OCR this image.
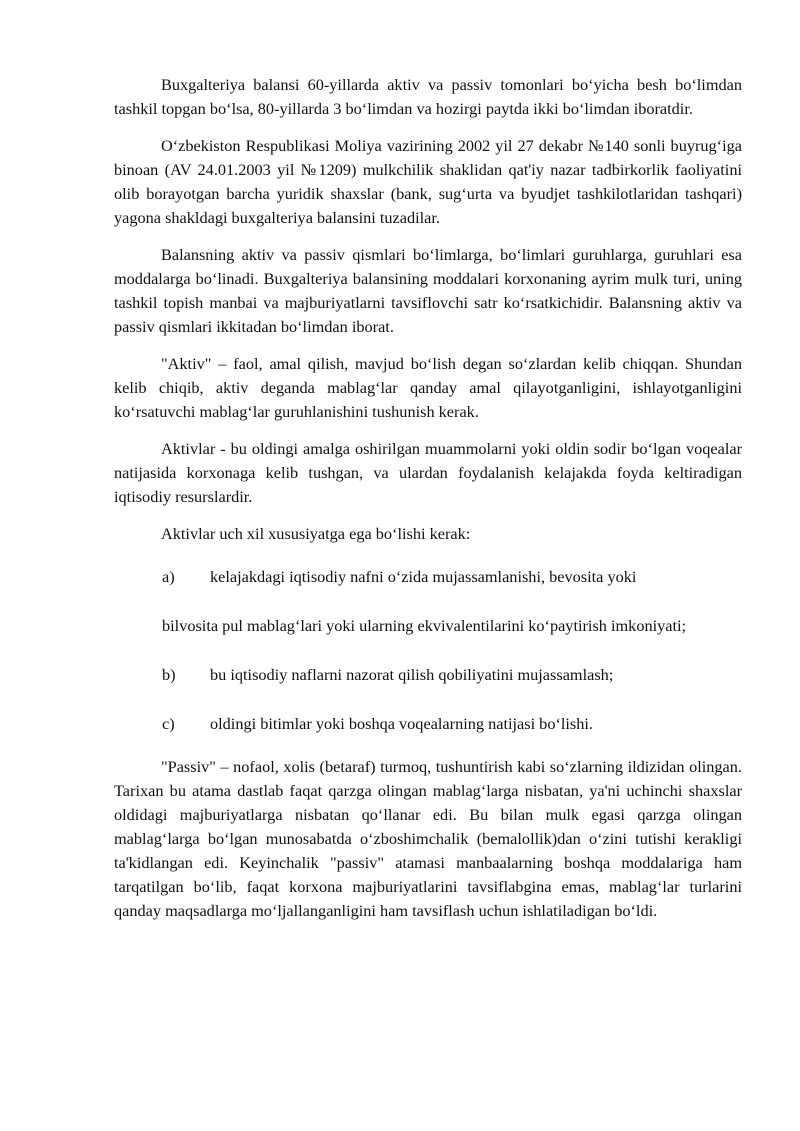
Buxgalteriya balansi 60-yillarda aktiv va passiv tomonlari bo‘yicha besh bo‘limdan tashkil topgan bo‘lsa, 80-yillarda 3 bo‘limdan va hozirgi paytda ikki bo‘limdan iboratdir.

O‘zbekiston Respublikasi Moliya vazirining 2002 yil 27 dekabr №140 sonli buyrug‘iga binoan (AV 24.01.2003 yil №1209) mulkchilik shaklidan qat'iy nazar tadbirkorlik faoliyatini olib borayotgan barcha yuridik shaxslar (bank, sug‘urta va byudjet tashkilotlaridan tashqari) yagona shakldagi buxgalteriya balansini tuzadilar.

Balansning aktiv va passiv qismlari bo‘limlarga, bo‘limlari guruhlarga, guruhlari esa moddalarga bo‘linadi. Buxgalteriya balansining moddalari korxonaning ayrim mulk turi, uning tashkil topish manbai va majburiyatlarni tavsiflovchi satr ko‘rsatkichidir. Balansning aktiv va passiv qismlari ikkitadan bo‘limdan iborat.

"Aktiv" – faol, amal qilish, mavjud bo‘lish degan so‘zlardan kelib chiqqan. Shundan kelib chiqib, aktiv deganda mablag‘lar qanday amal qilayotganligini, ishlayotganligini ko‘rsatuvchi mablag‘lar guruhlanishini tushunish kerak.

Aktivlar - bu oldingi amalga oshirilgan muammolarni yoki oldin sodir bo‘lgan voqealar natijasida korxonaga kelib tushgan, va ulardan foydalanish kelajakda foyda keltiradigan iqtisodiy resurslardir.

Aktivlar uch xil xususiyatga ega bo‘lishi kerak:

a)	kelajakdagi iqtisodiy nafni o‘zida mujassamlanishi, bevosita yoki
bilvosita pul mablag‘lari yoki ularning ekvivalentilarini ko‘paytirish imkoniyati;
b)	bu iqtisodiy naflarni nazorat qilish qobiliyatini mujassamlash;
c)	oldingi bitimlar yoki boshqa voqealarning natijasi bo‘lishi.

"Passiv" – nofaol, xolis (betaraf) turmoq, tushuntirish kabi so‘zlarning ildizidan olingan. Tarixan bu atama dastlab faqat qarzga olingan mablag‘larga nisbatan, ya'ni uchinchi shaxslar oldidagi majburiyatlarga nisbatan qo‘llanar edi. Bu bilan mulk egasi qarzga olingan mablag‘larga bo‘lgan munosabatda o‘zboshimchalik (bemalollik)dan o‘zini tutishi kerakligi ta'kidlangan edi. Keyinchalik "passiv" atamasi manbaalarning boshqa moddalariga ham tarqatilgan bo‘lib, faqat korxona majburiyatlarini tavsiflabgina emas, mablag‘lar turlarini qanday maqsadlarga mo‘ljallanganligini ham tavsiflash uchun ishlatiladigan bo‘ldi.
